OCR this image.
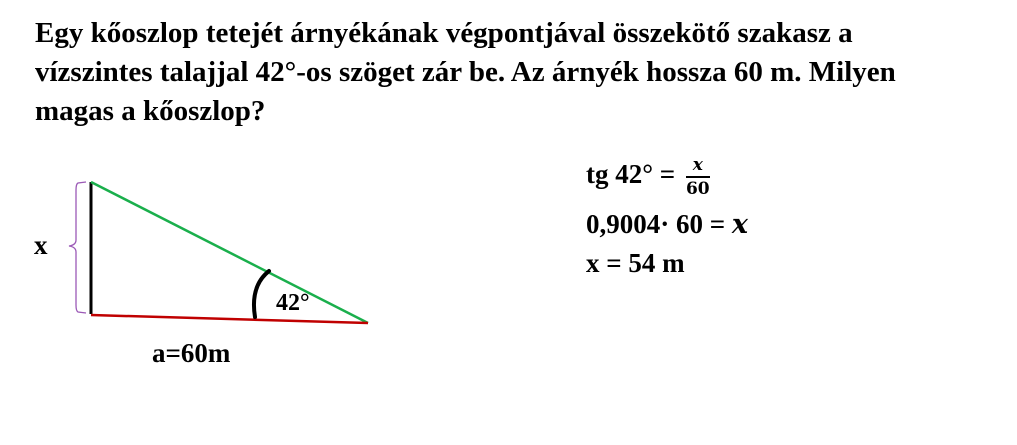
Egy kőoszlop tetejét árnyékának végpontjával összekötő szakasz a
vízszintes talajjal 42°-os szöget zár be. Az árnyék hossza 60 m. Milyen
magas a kőoszlop?

x
42°
a=60m
tg $42^\circ = \frac{x}{60}$
0,9004· 60 = x
x = 54 m
